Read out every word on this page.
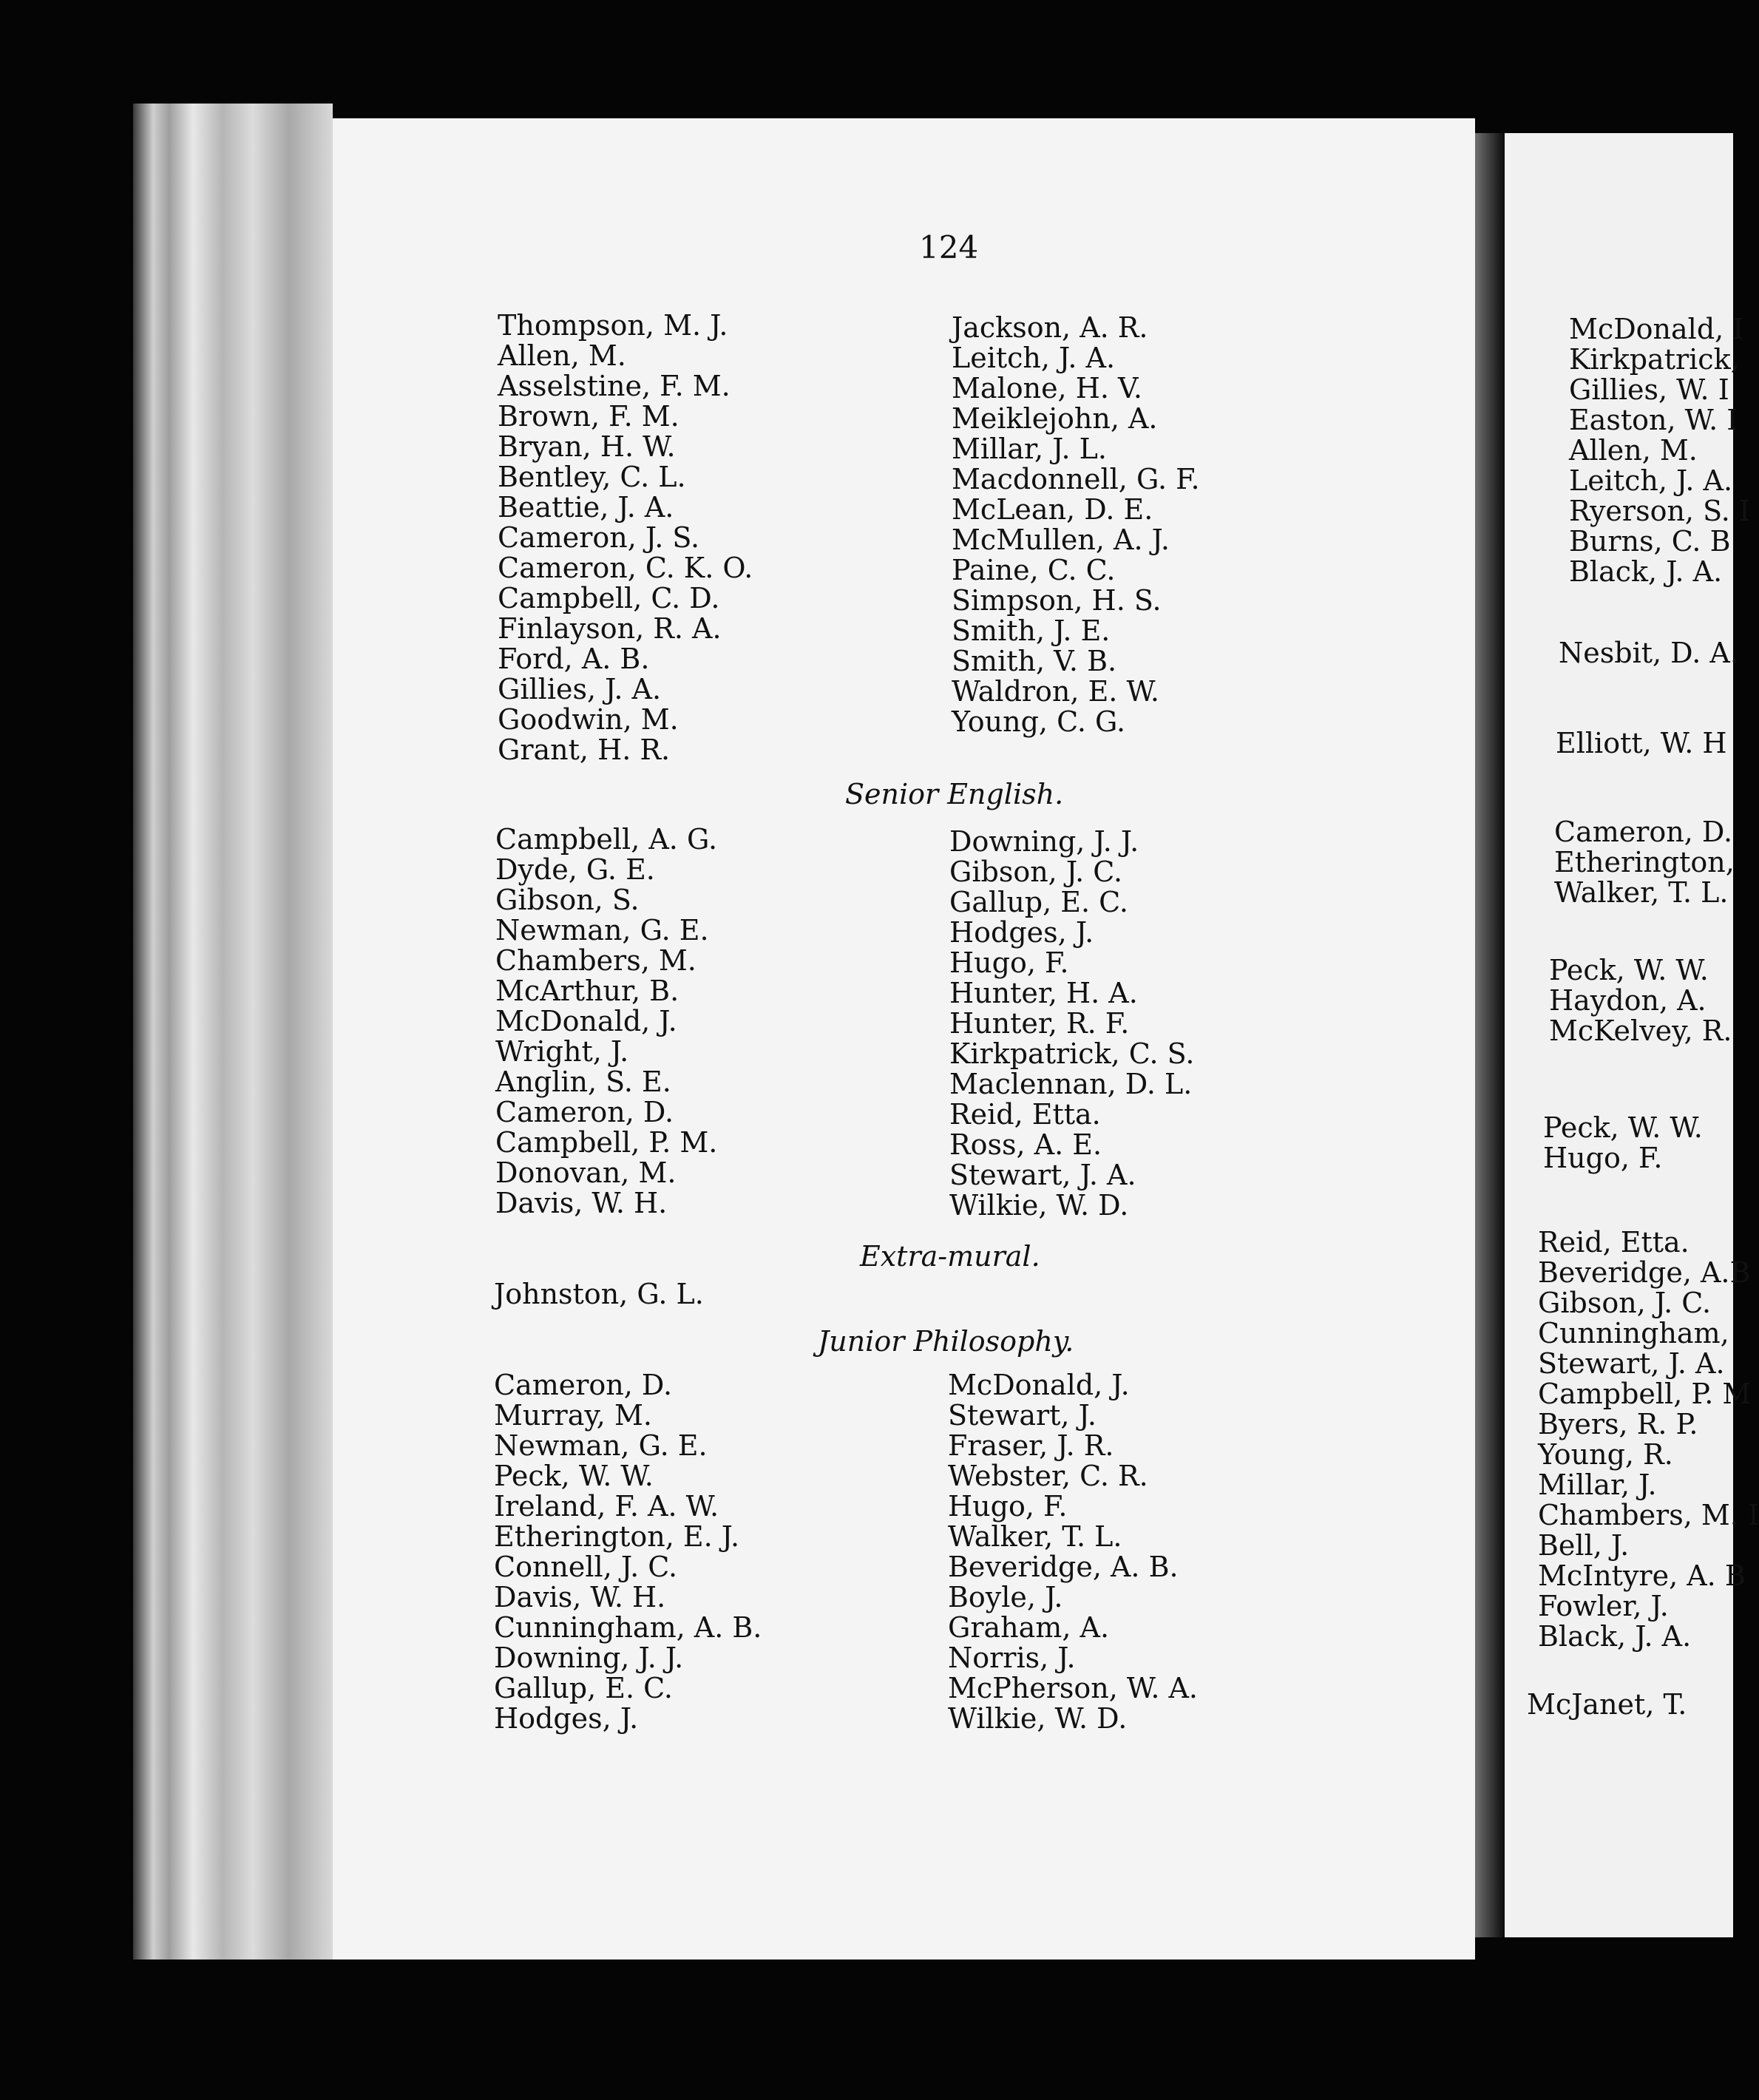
124
Thompson, M. J.
Allen, M.
Asselstine, F. M.
Brown, F. M.
Bryan, H. W.
Bentley, C. L.
Beattie, J. A.
Cameron, J. S.
Cameron, C. K. O.
Campbell, C. D.
Finlayson, R. A.
Ford, A. B.
Gillies, J. A.
Goodwin, M.
Grant, H. R.
Jackson, A. R.
Leitch, J. A.
Malone, H. V.
Meiklejohn, A.
Millar, J. L.
Macdonnell, G. F.
McLean, D. E.
McMullen, A. J.
Paine, C. C.
Simpson, H. S.
Smith, J. E.
Smith, V. B.
Waldron, E. W.
Young, C. G.
Senior English.
Campbell, A. G.
Dyde, G. E.
Gibson, S.
Newman, G. E.
Chambers, M.
McArthur, B.
McDonald, J.
Wright, J.
Anglin, S. E.
Cameron, D.
Campbell, P. M.
Donovan, M.
Davis, W. H.
Downing, J. J.
Gibson, J. C.
Gallup, E. C.
Hodges, J.
Hugo, F.
Hunter, H. A.
Hunter, R. F.
Kirkpatrick, C. S.
Maclennan, D. L.
Reid, Etta.
Ross, A. E.
Stewart, J. A.
Wilkie, W. D.
Extra-mural.
Johnston, G. L.
Junior Philosophy.
Cameron, D.
Murray, M.
Newman, G. E.
Peck, W. W.
Ireland, F. A. W.
Etherington, E. J.
Connell, J. C.
Davis, W. H.
Cunningham, A. B.
Downing, J. J.
Gallup, E. C.
Hodges, J.
McDonald, J.
Stewart, J.
Fraser, J. R.
Webster, C. R.
Hugo, F.
Walker, T. L.
Beveridge, A. B.
Boyle, J.
Graham, A.
Norris, J.
McPherson, W. A.
Wilkie, W. D.
McDonald, I
Kirkpatrick,
Gillies, W. I
Easton, W. I
Allen, M.
Leitch, J. A.
Ryerson, S. I
Burns, C. B
Black, J. A.
Nesbit, D. A.
Elliott, W. H
Cameron, D.
Etherington,
Walker, T. L.
Peck, W. W.
Haydon, A.
McKelvey, R.
Peck, W. W.
Hugo, F.
Reid, Etta.
Beveridge, A.B
Gibson, J. C.
Cunningham,
Stewart, J. A.
Campbell, P. M
Byers, R. P.
Young, R.
Millar, J.
Chambers, M. I
Bell, J.
McIntyre, A. B
Fowler, J.
Black, J. A.
McJanet, T.
